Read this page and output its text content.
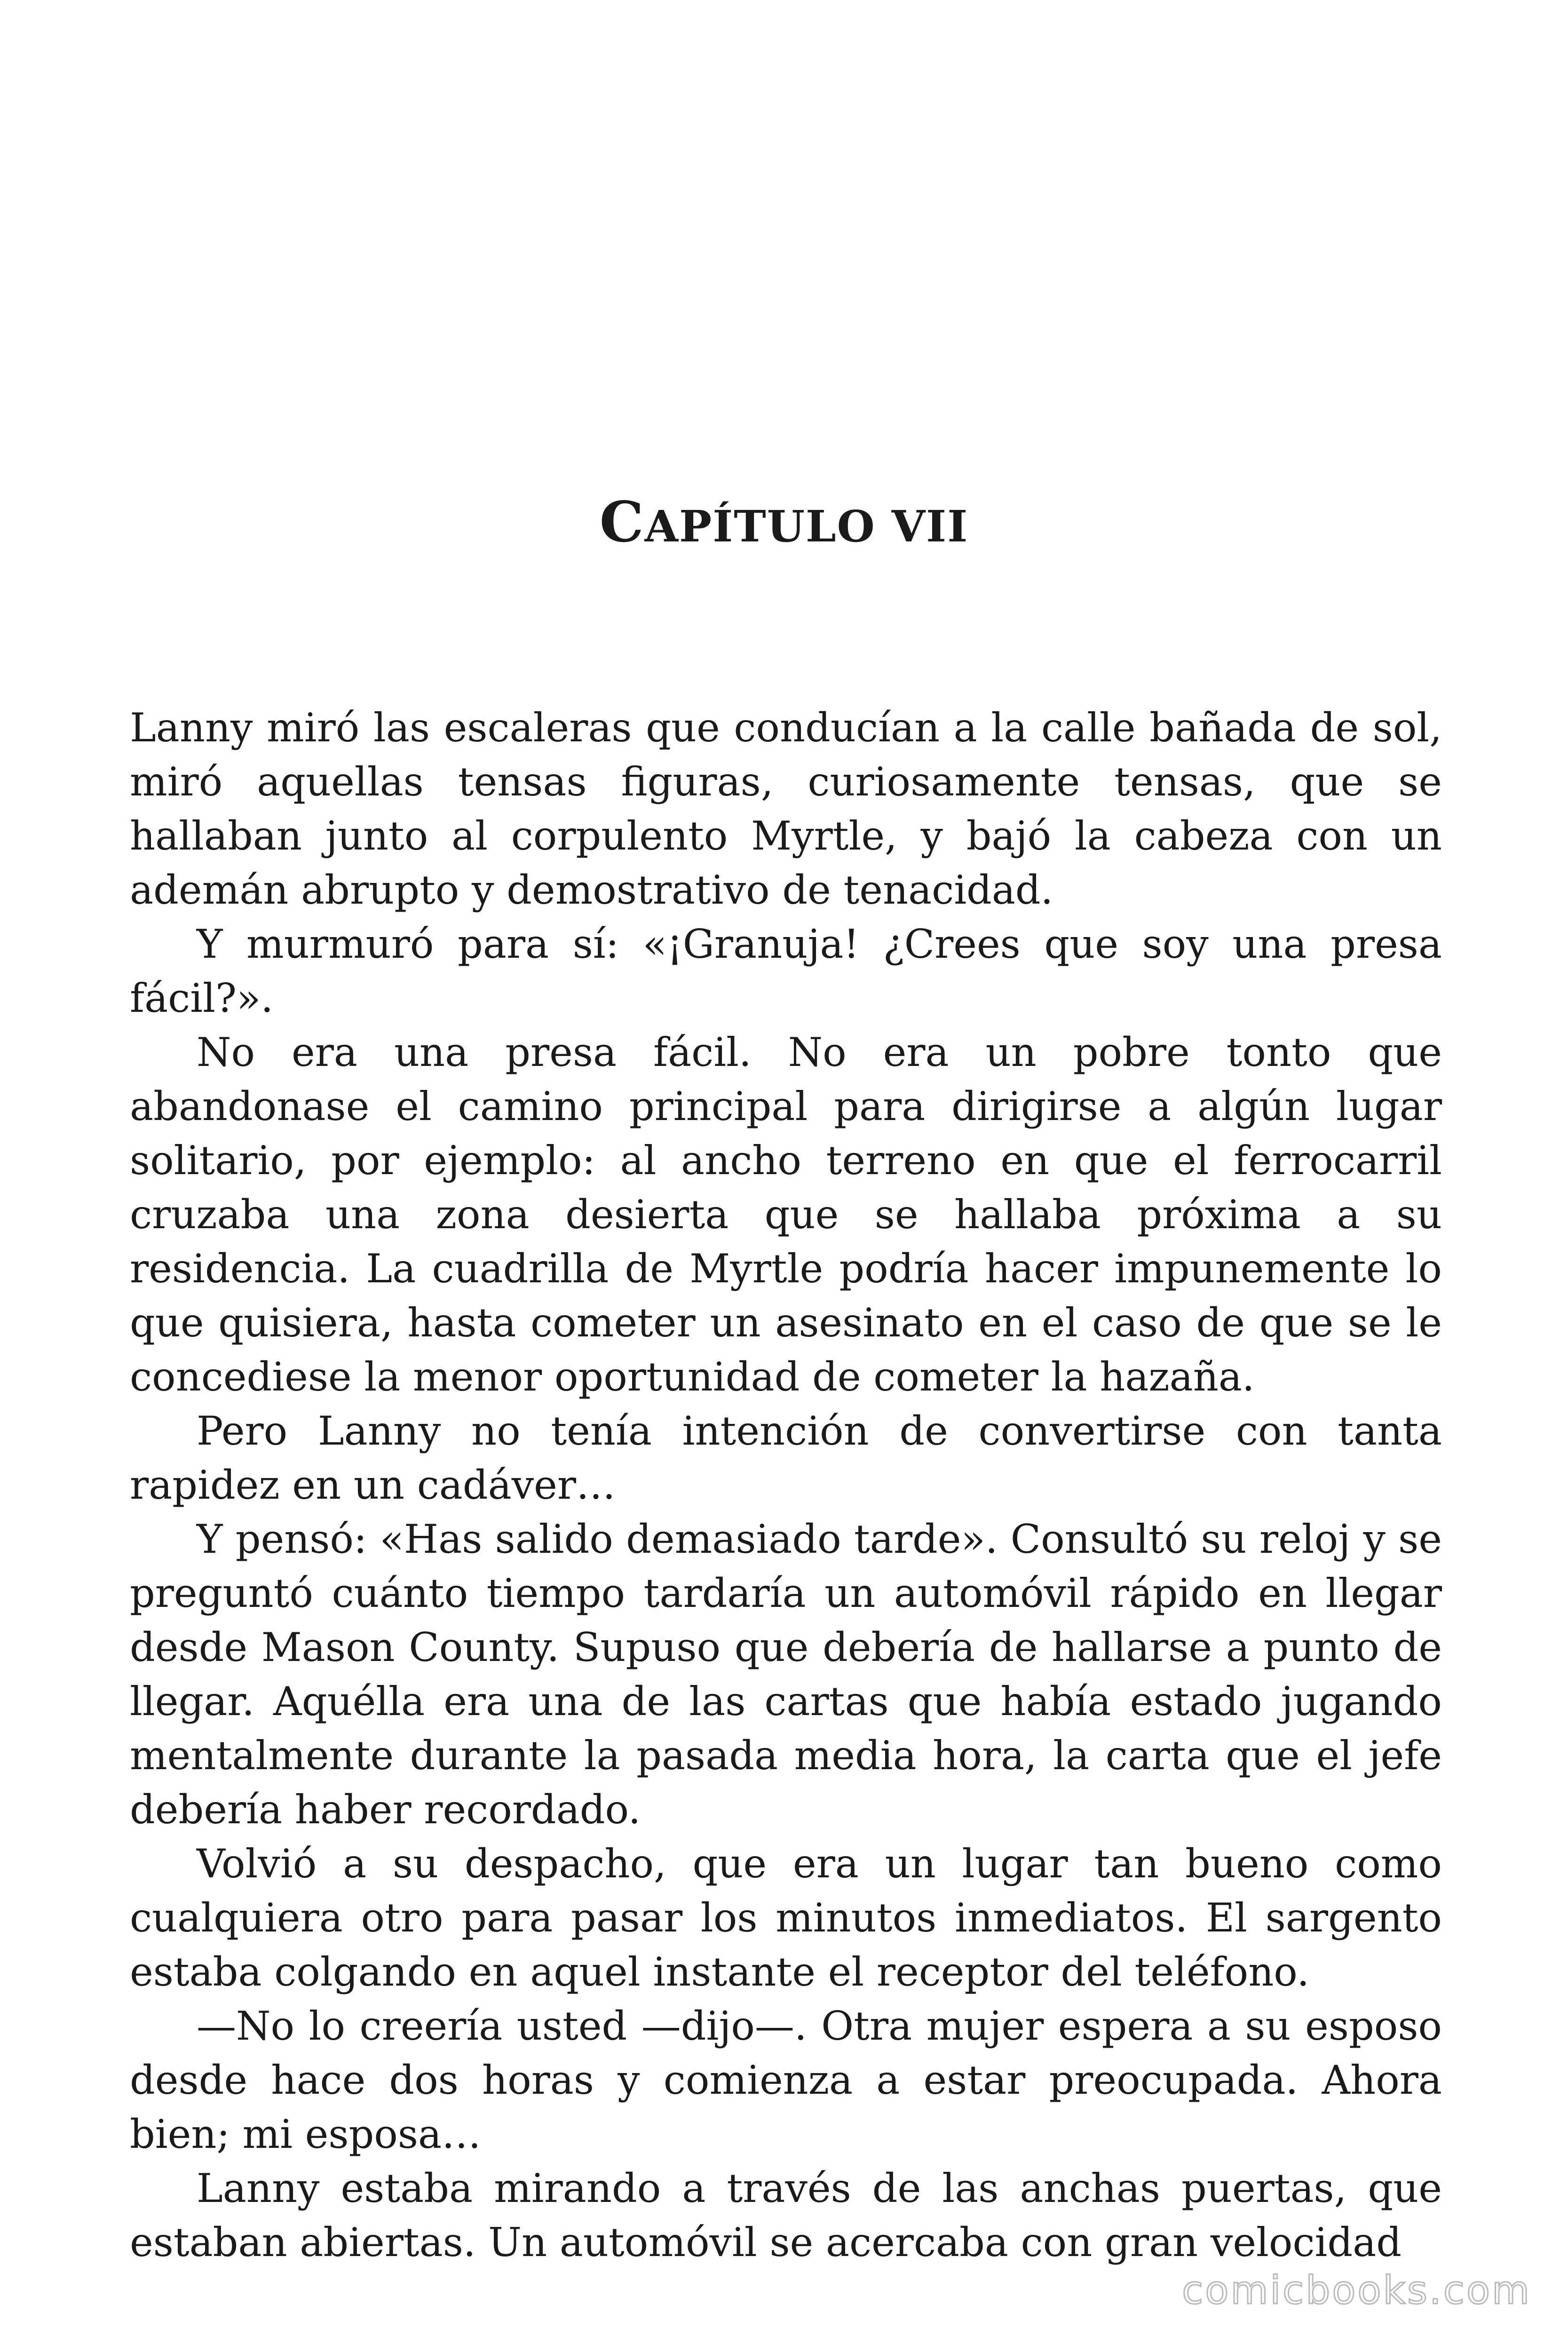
CAPÍTULO VII

Lanny miró las escaleras que conducían a la calle bañada de sol, miró aquellas tensas figuras, curiosamente tensas, que se hallaban junto al corpulento Myrtle, y bajó la cabeza con un ademán abrupto y demostrativo de tenacidad.

Y murmuró para sí: «¡Granuja! ¿Crees que soy una presa fácil?».

No era una presa fácil. No era un pobre tonto que abandonase el camino principal para dirigirse a algún lugar solitario, por ejemplo: al ancho terreno en que el ferrocarril cruzaba una zona desierta que se hallaba próxima a su residencia. La cuadrilla de Myrtle podría hacer impunemente lo que quisiera, hasta cometer un asesinato en el caso de que se le concediese la menor oportunidad de cometer la hazaña.

Pero Lanny no tenía intención de convertirse con tanta rapidez en un cadáver…

Y pensó: «Has salido demasiado tarde». Consultó su reloj y se preguntó cuánto tiempo tardaría un automóvil rápido en llegar desde Mason County. Supuso que debería de hallarse a punto de llegar. Aquélla era una de las cartas que había estado jugando mentalmente durante la pasada media hora, la carta que el jefe debería haber recordado.

Volvió a su despacho, que era un lugar tan bueno como cualquiera otro para pasar los minutos inmediatos. El sargento estaba colgando en aquel instante el receptor del teléfono.

—No lo creería usted —dijo—. Otra mujer espera a su esposo desde hace dos horas y comienza a estar preocupada. Ahora bien; mi esposa…

Lanny estaba mirando a través de las anchas puertas, que estaban abiertas. Un automóvil se acercaba con gran velocidad

comicbooks.com
